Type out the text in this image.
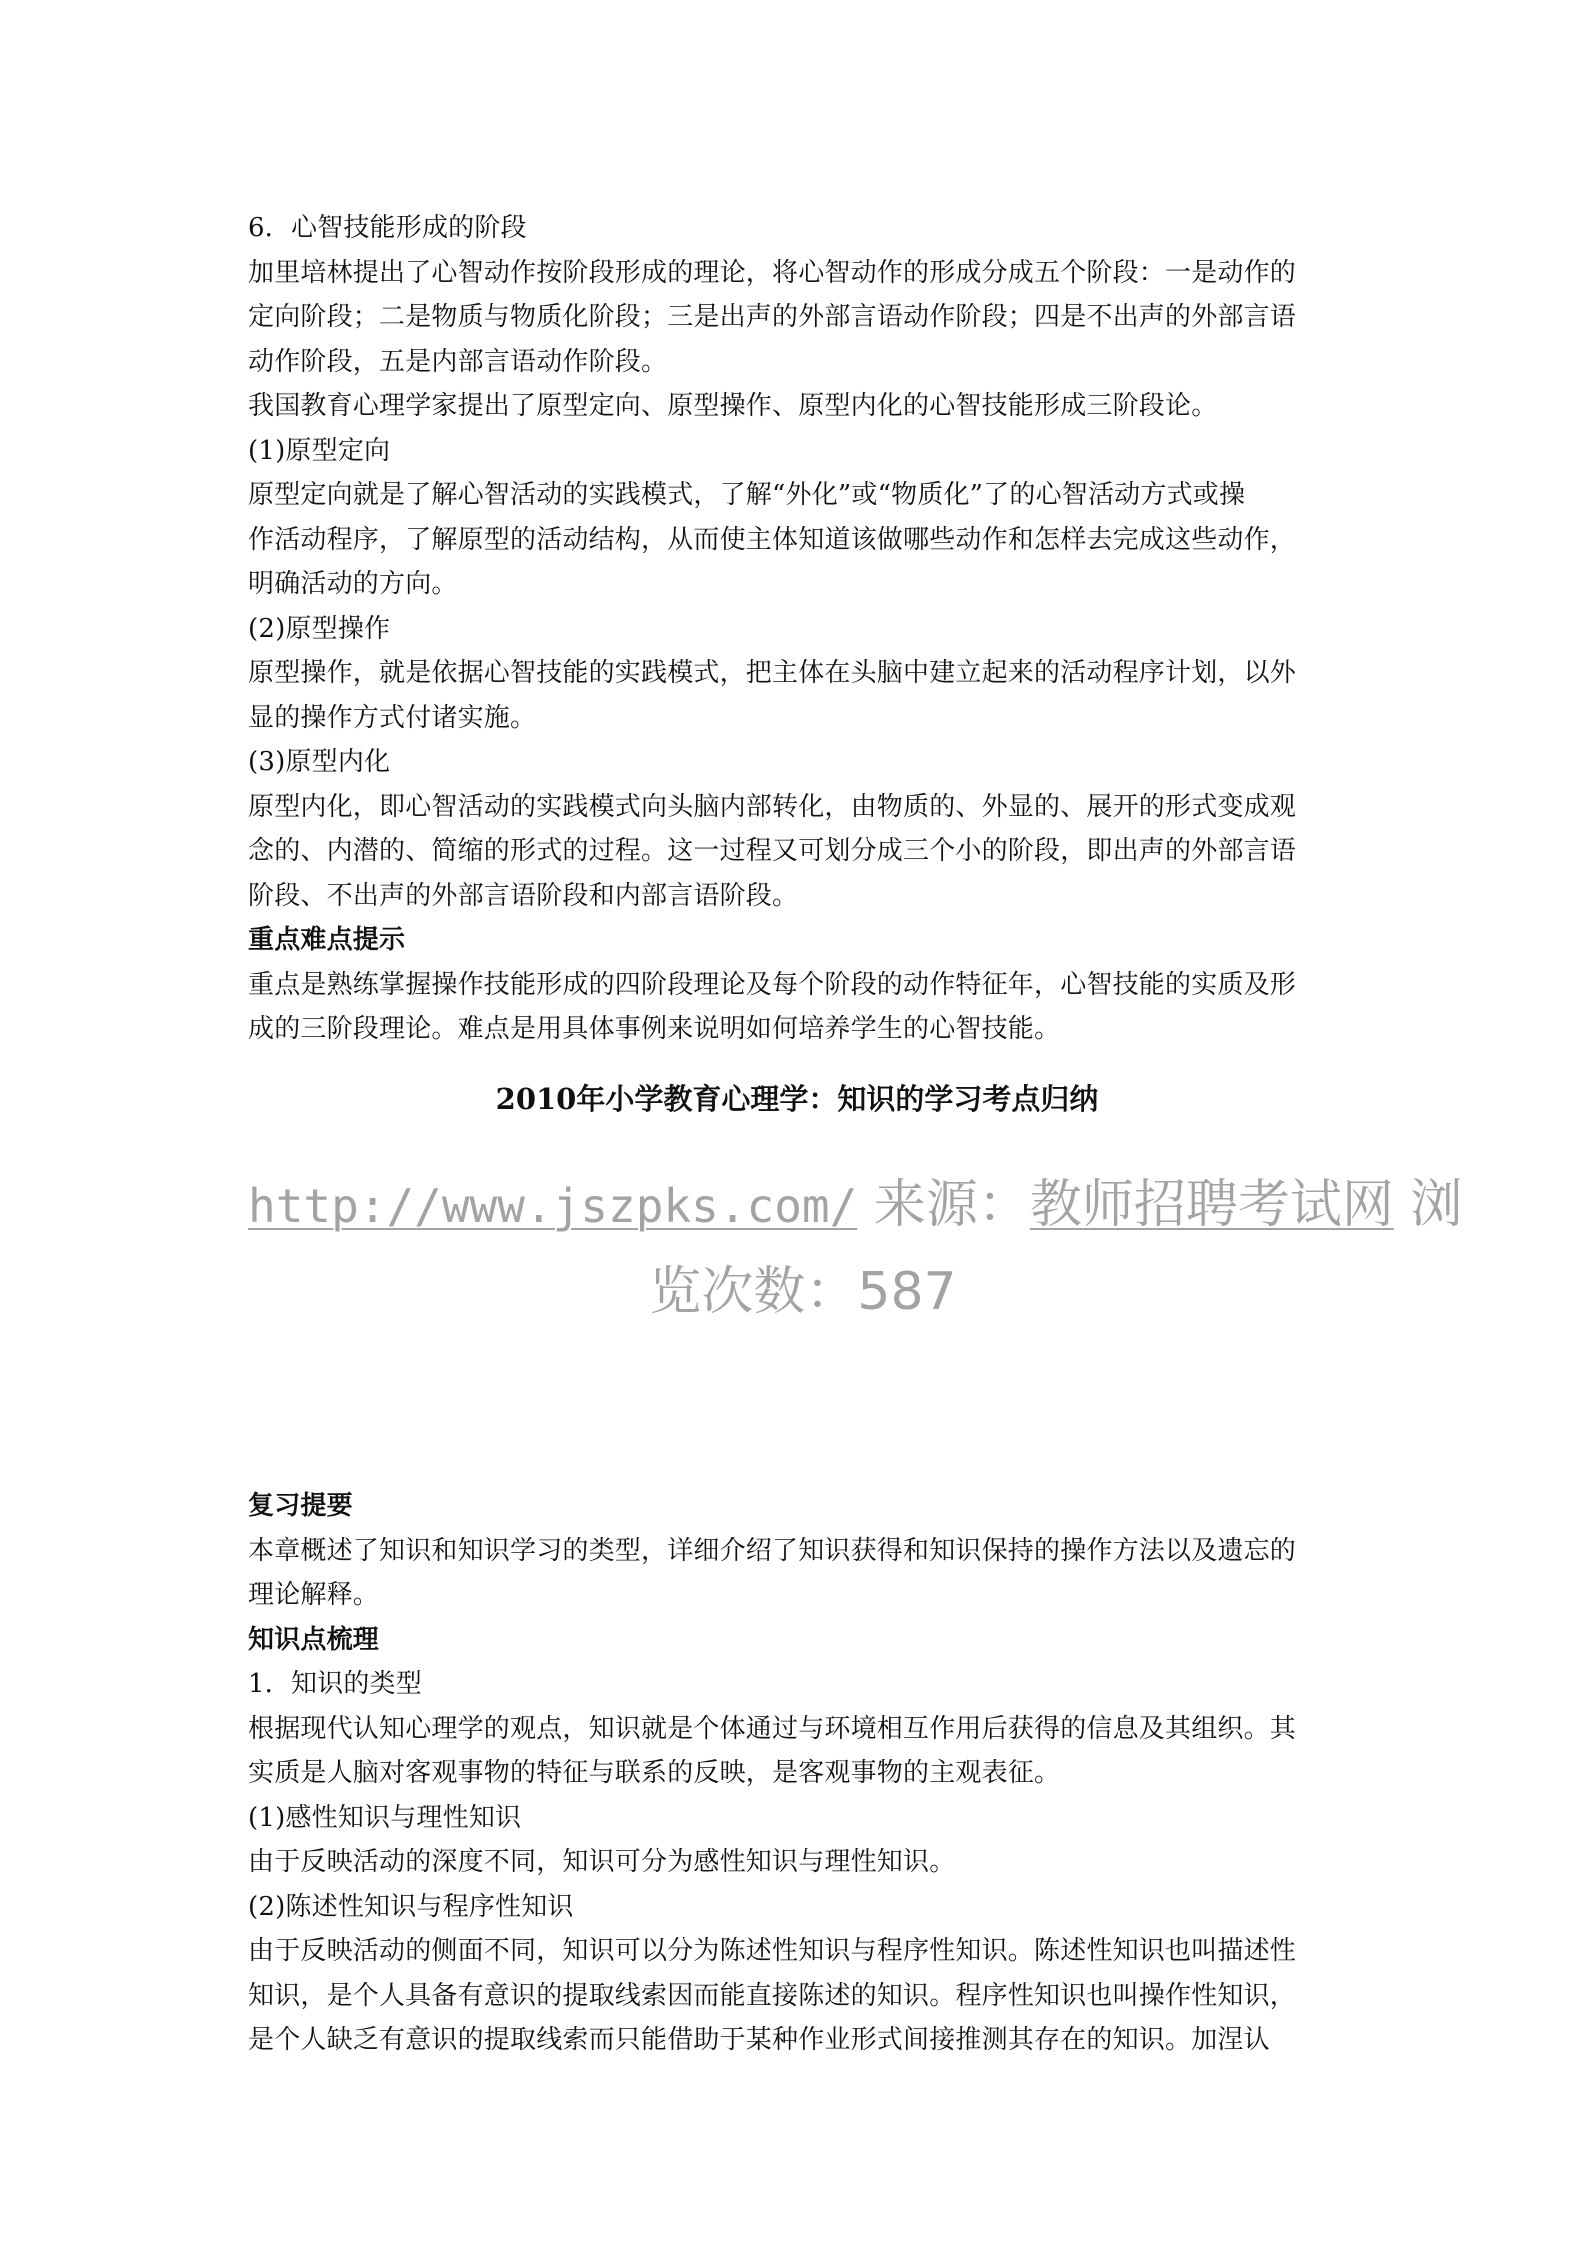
6．心智技能形成的阶段

加里培林提出了心智动作按阶段形成的理论，将心智动作的形成分成五个阶段：一是动作的

定向阶段；二是物质与物质化阶段；三是出声的外部言语动作阶段；四是不出声的外部言语

动作阶段，五是内部言语动作阶段。

我国教育心理学家提出了原型定向、原型操作、原型内化的心智技能形成三阶段论。

(1)原型定向

原型定向就是了解心智活动的实践模式，了解“外化”或“物质化”了的心智活动方式或操

作活动程序，了解原型的活动结构，从而使主体知道该做哪些动作和怎样去完成这些动作，

明确活动的方向。

(2)原型操作

原型操作，就是依据心智技能的实践模式，把主体在头脑中建立起来的活动程序计划，以外

显的操作方式付诸实施。

(3)原型内化

原型内化，即心智活动的实践模式向头脑内部转化，由物质的、外显的、展开的形式变成观

念的、内潜的、简缩的形式的过程。这一过程又可划分成三个小的阶段，即出声的外部言语

阶段、不出声的外部言语阶段和内部言语阶段。

重点难点提示

重点是熟练掌握操作技能形成的四阶段理论及每个阶段的动作特征年，心智技能的实质及形

成的三阶段理论。难点是用具体事例来说明如何培养学生的心智技能。

2010年小学教育心理学：知识的学习考点归纳
http://www.jszpks.com/ 来源：教师招聘考试网 浏
览次数：587

复习提要

本章概述了知识和知识学习的类型，详细介绍了知识获得和知识保持的操作方法以及遗忘的

理论解释。

知识点梳理

1．知识的类型

根据现代认知心理学的观点，知识就是个体通过与环境相互作用后获得的信息及其组织。其

实质是人脑对客观事物的特征与联系的反映，是客观事物的主观表征。

(1)感性知识与理性知识

由于反映活动的深度不同，知识可分为感性知识与理性知识。

(2)陈述性知识与程序性知识

由于反映活动的侧面不同，知识可以分为陈述性知识与程序性知识。陈述性知识也叫描述性

知识，是个人具备有意识的提取线索因而能直接陈述的知识。程序性知识也叫操作性知识，

是个人缺乏有意识的提取线索而只能借助于某种作业形式间接推测其存在的知识。加涅认
